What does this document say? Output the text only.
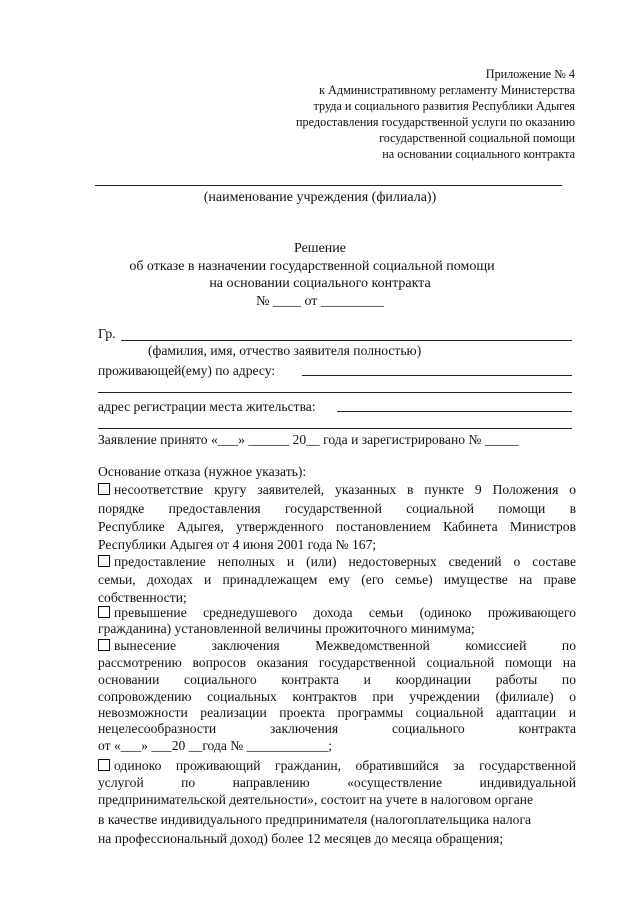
Приложение № 4
к Административному регламенту Министерства
труда и социального развития Республики Адыгея
предоставления государственной услуги по оказанию
государственной социальной помощи
на основании социального контракта
(наименование учреждения (филиала))
Решение
об отказе в назначении государственной социальной помощи
на основании социального контракта
№ ____ от _________
Гр.
(фамилия, имя, отчество заявителя полностью)
проживающей(ему) по адресу:
адрес регистрации места жительства:
Заявление принято «___» ______ 20__ года и зарегистрировано № _____
Основание отказа (нужное указать):
несоответствие кругу заявителей, указанных в пункте 9 Положения о
порядке предоставления государственной социальной помощи в
Республике Адыгея, утвержденного постановлением Кабинета Министров
Республики Адыгея от 4 июня 2001 года № 167;
предоставление неполных и (или) недостоверных сведений о составе
семьи, доходах и принадлежащем ему (его семье) имуществе на праве
собственности;
превышение среднедушевого дохода семьи (одиноко проживающего
гражданина) установленной величины прожиточного минимума;
вынесение заключения Межведомственной комиссией по
рассмотрению вопросов оказания государственной социальной помощи на
основании социального контракта и координации работы по
сопровождению социальных контрактов при учреждении (филиале) о
невозможности реализации проекта программы социальной адаптации и
нецелесообразности заключения социального контракта
от «___» ___20 __года № ____________;
одиноко проживающий гражданин, обратившийся за государственной
услугой по направлению «осуществление индивидуальной
предпринимательской деятельности», состоит на учете в налоговом органе
в качестве индивидуального предпринимателя (налогоплательщика налога
на профессиональный доход) более 12 месяцев до месяца обращения;
